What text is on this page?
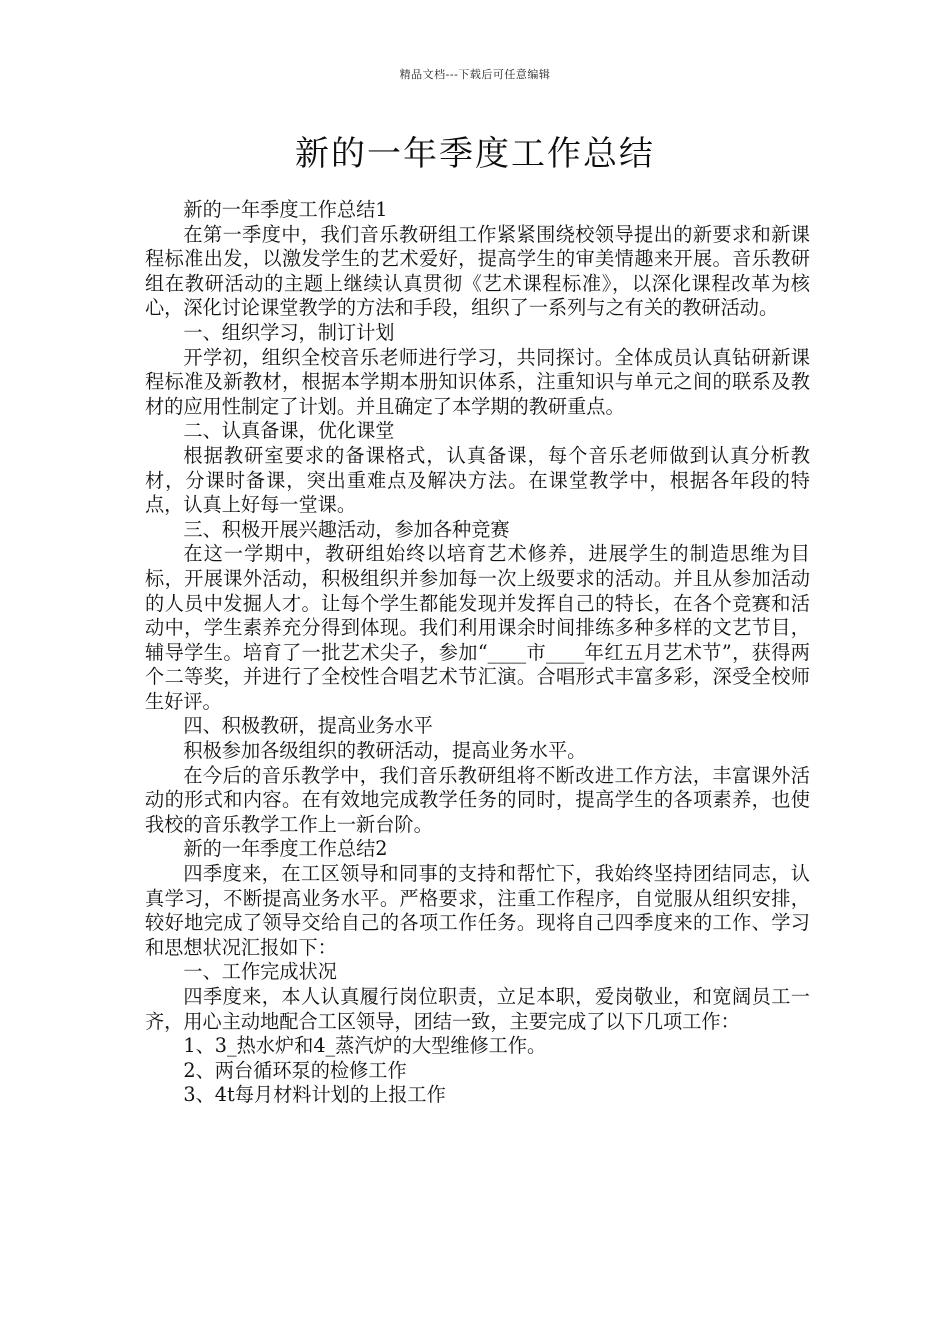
精品文档---下载后可任意编辑
新的一年季度工作总结

新的一年季度工作总结1

在第一季度中，我们音乐教研组工作紧紧围绕校领导提出的新要求和新课程标准出发，以激发学生的艺术爱好，提高学生的审美情趣来开展。音乐教研组在教研活动的主题上继续认真贯彻《艺术课程标准》，以深化课程改革为核心，深化讨论课堂教学的方法和手段，组织了一系列与之有关的教研活动。

一、组织学习，制订计划

开学初，组织全校音乐老师进行学习，共同探讨。全体成员认真钻研新课程标准及新教材，根据本学期本册知识体系，注重知识与单元之间的联系及教材的应用性制定了计划。并且确定了本学期的教研重点。

二、认真备课，优化课堂

根据教研室要求的备课格式，认真备课，每个音乐老师做到认真分析教材，分课时备课，突出重难点及解决方法。在课堂教学中，根据各年段的特点，认真上好每一堂课。

三、积极开展兴趣活动，参加各种竞赛

在这一学期中，教研组始终以培育艺术修养，进展学生的制造思维为目标，开展课外活动，积极组织并参加每一次上级要求的活动。并且从参加活动的人员中发掘人才。让每个学生都能发现并发挥自己的特长，在各个竞赛和活动中，学生素养充分得到体现。我们利用课余时间排练多种多样的文艺节目，辅导学生。培育了一批艺术尖子，参加“____市____年红五月艺术节”，获得两个二等奖，并进行了全校性合唱艺术节汇演。合唱形式丰富多彩，深受全校师生好评。

四、积极教研，提高业务水平

积极参加各级组织的教研活动，提高业务水平。

在今后的音乐教学中，我们音乐教研组将不断改进工作方法，丰富课外活动的形式和内容。在有效地完成教学任务的同时，提高学生的各项素养，也使我校的音乐教学工作上一新台阶。

新的一年季度工作总结2

四季度来，在工区领导和同事的支持和帮忙下，我始终坚持团结同志，认真学习，不断提高业务水平。严格要求，注重工作程序，自觉服从组织安排，较好地完成了领导交给自己的各项工作任务。现将自己四季度来的工作、学习和思想状况汇报如下：

一、工作完成状况

四季度来，本人认真履行岗位职责，立足本职，爱岗敬业，和宽阔员工一齐，用心主动地配合工区领导，团结一致，主要完成了以下几项工作：

1、3_热水炉和4_蒸汽炉的大型维修工作。

2、两台循环泵的检修工作

3、4t每月材料计划的上报工作
